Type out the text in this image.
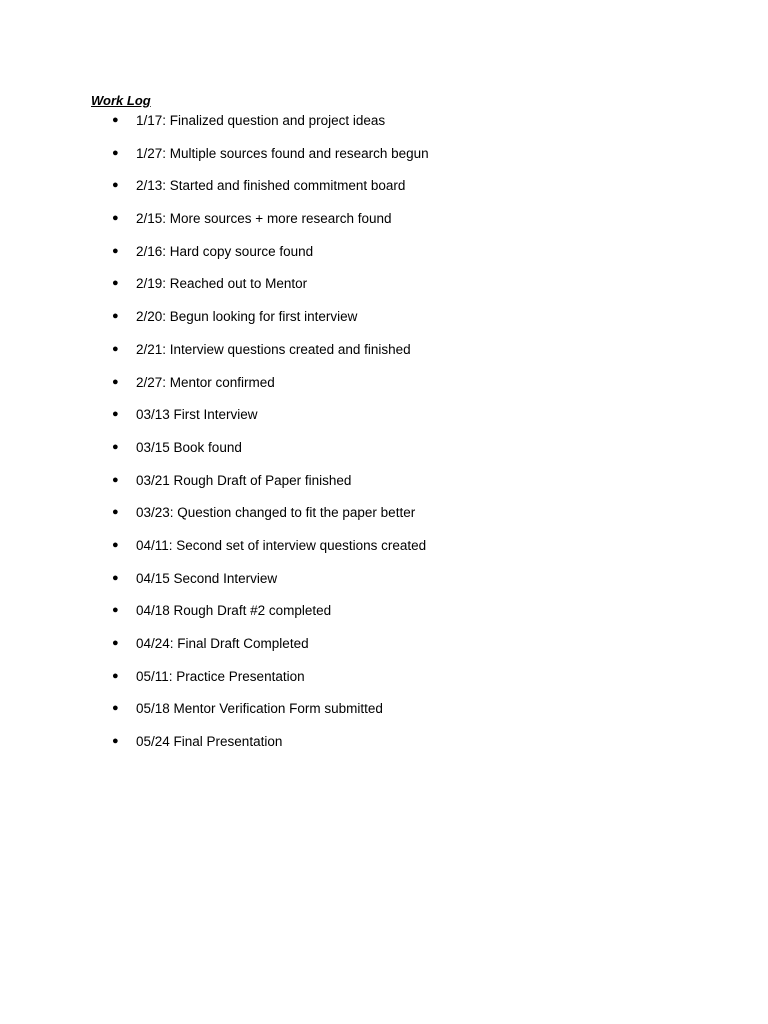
Work Log
● 1/17: Finalized question and project ideas
● 1/27: Multiple sources found and research begun
● 2/13: Started and finished commitment board
● 2/15: More sources + more research found
● 2/16: Hard copy source found
● 2/19: Reached out to Mentor
● 2/20: Begun looking for first interview
● 2/21: Interview questions created and finished
● 2/27: Mentor confirmed
● 03/13 First Interview
● 03/15 Book found
● 03/21 Rough Draft of Paper finished
● 03/23: Question changed to fit the paper better
● 04/11: Second set of interview questions created
● 04/15 Second Interview
● 04/18 Rough Draft #2 completed
● 04/24: Final Draft Completed
● 05/11: Practice Presentation
● 05/18 Mentor Verification Form submitted
● 05/24 Final Presentation
